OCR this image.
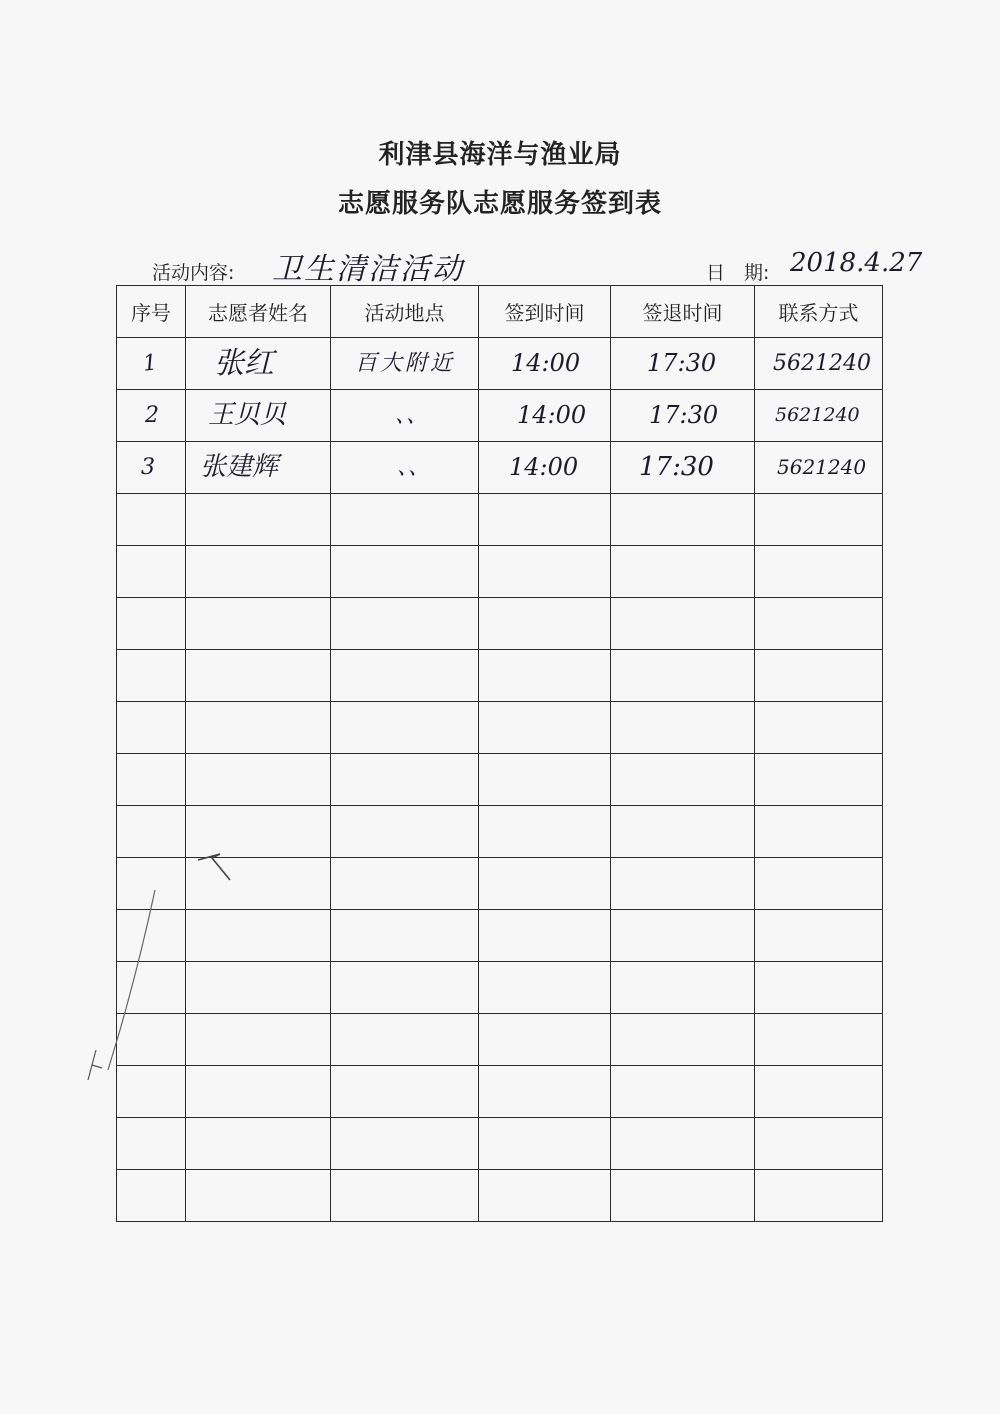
利津县海洋与渔业局
志愿服务队志愿服务签到表
活动内容: 卫生清洁活动	日　期: 2018.4.27
序号	志愿者姓名	活动地点	签到时间	签退时间	联系方式

1	张红	百大附近	14:00	17:30	5621240

2	王贝贝	、、	14:00	17:30	5621240

3	张建辉	、、	14:00	17:30	5621240
